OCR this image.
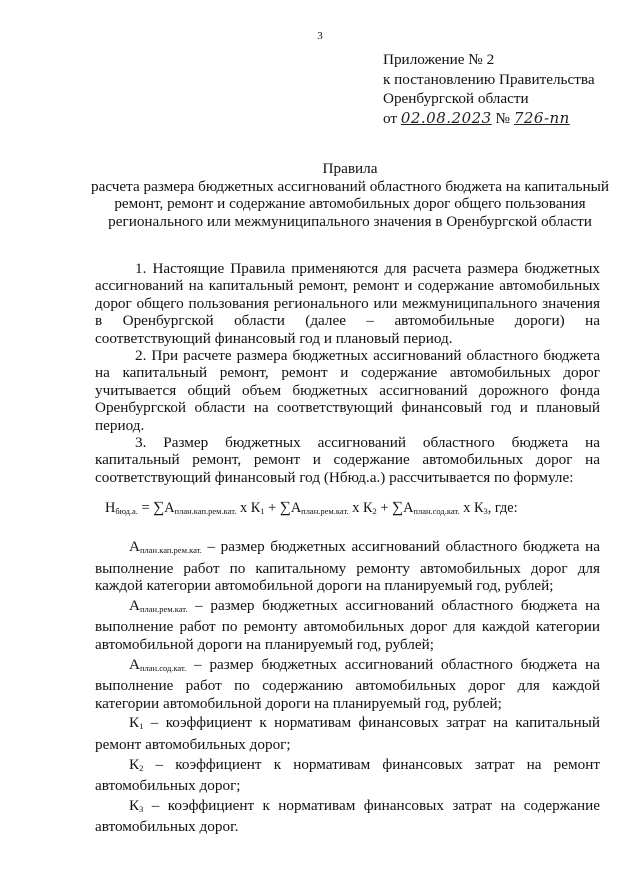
3
Приложение № 2
к постановлению Правительства
Оренбургской области
от 02.08.2023 № 726-пп
Правила
расчета размера бюджетных ассигнований областного бюджета на капитальный ремонт, ремонт и содержание автомобильных дорог общего пользования регионального или межмуниципального значения в Оренбургской области

1. Настоящие Правила применяются для расчета размера бюджетных ассигнований на капитальный ремонт, ремонт и содержание автомобильных дорог общего пользования регионального или межмуниципального значения в Оренбургской области (далее – автомобильные дороги) на соответствующий финансовый год и плановый период.

2. При расчете размера бюджетных ассигнований областного бюджета на капитальный ремонт, ремонт и содержание автомобильных дорог учитывается общий объем бюджетных ассигнований дорожного фонда Оренбургской области на соответствующий финансовый год и плановый период.

3. Размер бюджетных ассигнований областного бюджета на капитальный ремонт, ремонт и содержание автомобильных дорог на соответствующий финансовый год (Нбюд.а.) рассчитывается по формуле:

$Н_{бюд.а.} = \sum А_{план.кап.рем.кат.}$ x $К_1 + \sum А_{план.рем.кат.}$ x $К_2 + \sum А_{план.сод.кат.}$ x $К_3$, где:

$А_{план.кап.рем.кат.}$ – размер бюджетных ассигнований областного бюджета на выполнение работ по капитальному ремонту автомобильных дорог для каждой категории автомобильной дороги на планируемый год, рублей;

$А_{план.рем.кат.}$ – размер бюджетных ассигнований областного бюджета на выполнение работ по ремонту автомобильных дорог для каждой категории автомобильной дороги на планируемый год, рублей;

$А_{план.сод.кат.}$ – размер бюджетных ассигнований областного бюджета на выполнение работ по содержанию автомобильных дорог для каждой категории автомобильной дороги на планируемый год, рублей;

$К_1$ – коэффициент к нормативам финансовых затрат на капитальный ремонт автомобильных дорог;

$К_2$ – коэффициент к нормативам финансовых затрат на ремонт автомобильных дорог;

$К_3$ – коэффициент к нормативам финансовых затрат на содержание автомобильных дорог.
